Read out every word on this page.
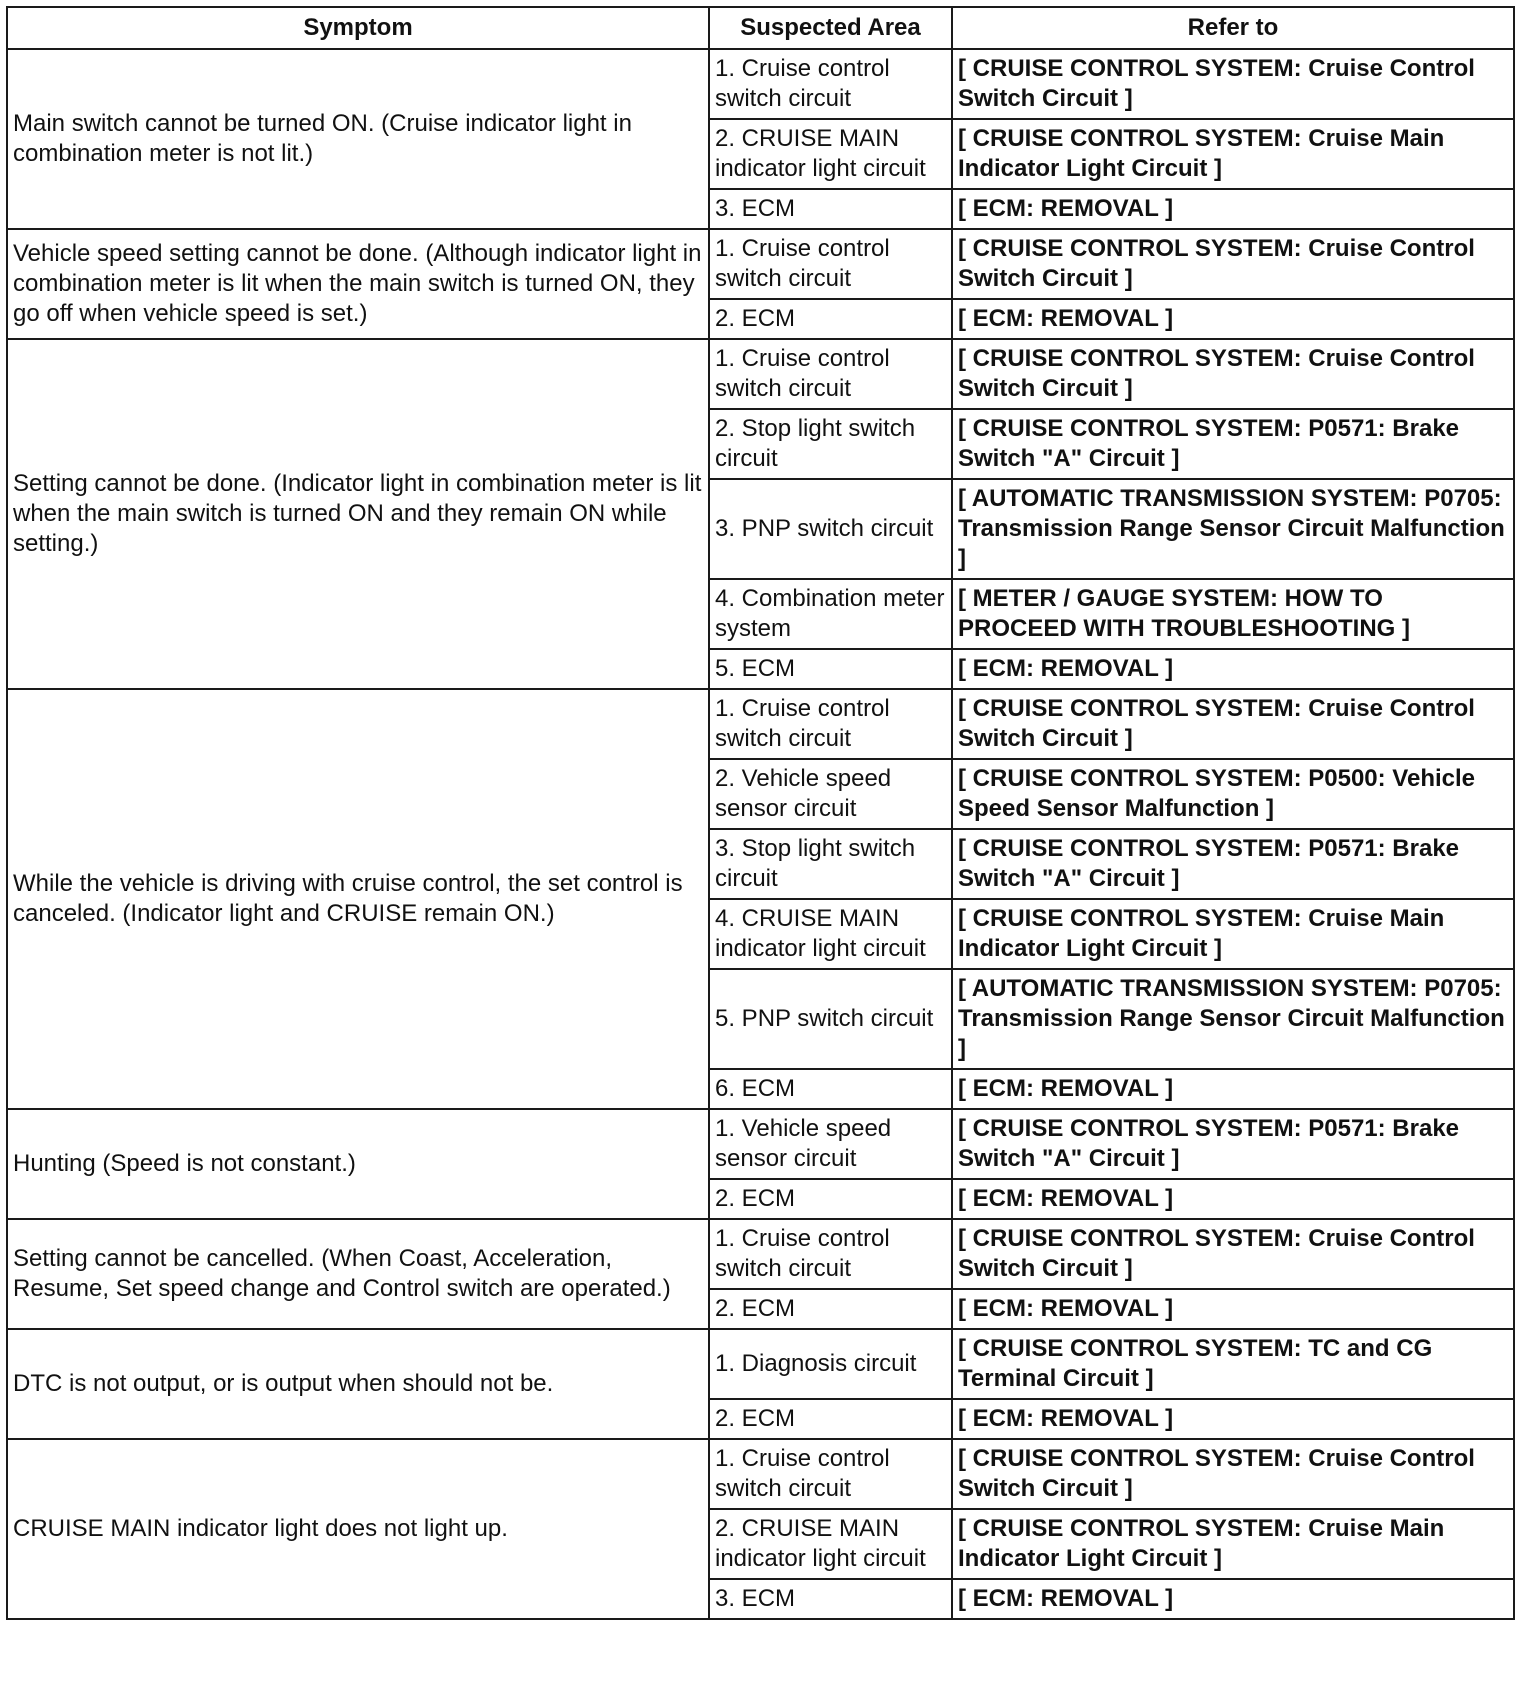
Symptom	Suspected Area	Refer to
Main switch cannot be turned ON. (Cruise indicator light in combination meter is not lit.)	1. Cruise control switch circuit	[ CRUISE CONTROL SYSTEM: Cruise Control Switch Circuit ]
	2. CRUISE MAIN indicator light circuit	[ CRUISE CONTROL SYSTEM: Cruise Main Indicator Light Circuit ]
	3. ECM	[ ECM: REMOVAL ]
Vehicle speed setting cannot be done. (Although indicator light in combination meter is lit when the main switch is turned ON, they go off when vehicle speed is set.)	1. Cruise control switch circuit	[ CRUISE CONTROL SYSTEM: Cruise Control Switch Circuit ]
	2. ECM	[ ECM: REMOVAL ]
Setting cannot be done. (Indicator light in combination meter is lit when the main switch is turned ON and they remain ON while setting.)	1. Cruise control switch circuit	[ CRUISE CONTROL SYSTEM: Cruise Control Switch Circuit ]
	2. Stop light switch circuit	[ CRUISE CONTROL SYSTEM: P0571: Brake Switch "A" Circuit ]
	3. PNP switch circuit	[ AUTOMATIC TRANSMISSION SYSTEM: P0705: Transmission Range Sensor Circuit Malfunction ]
	4. Combination meter system	[ METER / GAUGE SYSTEM: HOW TO PROCEED WITH TROUBLESHOOTING ]
	5. ECM	[ ECM: REMOVAL ]
While the vehicle is driving with cruise control, the set control is canceled. (Indicator light and CRUISE remain ON.)	1. Cruise control switch circuit	[ CRUISE CONTROL SYSTEM: Cruise Control Switch Circuit ]
	2. Vehicle speed sensor circuit	[ CRUISE CONTROL SYSTEM: P0500: Vehicle Speed Sensor Malfunction ]
	3. Stop light switch circuit	[ CRUISE CONTROL SYSTEM: P0571: Brake Switch "A" Circuit ]
	4. CRUISE MAIN indicator light circuit	[ CRUISE CONTROL SYSTEM: Cruise Main Indicator Light Circuit ]
	5. PNP switch circuit	[ AUTOMATIC TRANSMISSION SYSTEM: P0705: Transmission Range Sensor Circuit Malfunction ]
	6. ECM	[ ECM: REMOVAL ]
Hunting (Speed is not constant.)	1. Vehicle speed sensor circuit	[ CRUISE CONTROL SYSTEM: P0571: Brake Switch "A" Circuit ]
	2. ECM	[ ECM: REMOVAL ]
Setting cannot be cancelled. (When Coast, Acceleration, Resume, Set speed change and Control switch are operated.)	1. Cruise control switch circuit	[ CRUISE CONTROL SYSTEM: Cruise Control Switch Circuit ]
	2. ECM	[ ECM: REMOVAL ]
DTC is not output, or is output when should not be.	1. Diagnosis circuit	[ CRUISE CONTROL SYSTEM: TC and CG Terminal Circuit ]
	2. ECM	[ ECM: REMOVAL ]
CRUISE MAIN indicator light does not light up.	1. Cruise control switch circuit	[ CRUISE CONTROL SYSTEM: Cruise Control Switch Circuit ]
	2. CRUISE MAIN indicator light circuit	[ CRUISE CONTROL SYSTEM: Cruise Main Indicator Light Circuit ]
	3. ECM	[ ECM: REMOVAL ]
